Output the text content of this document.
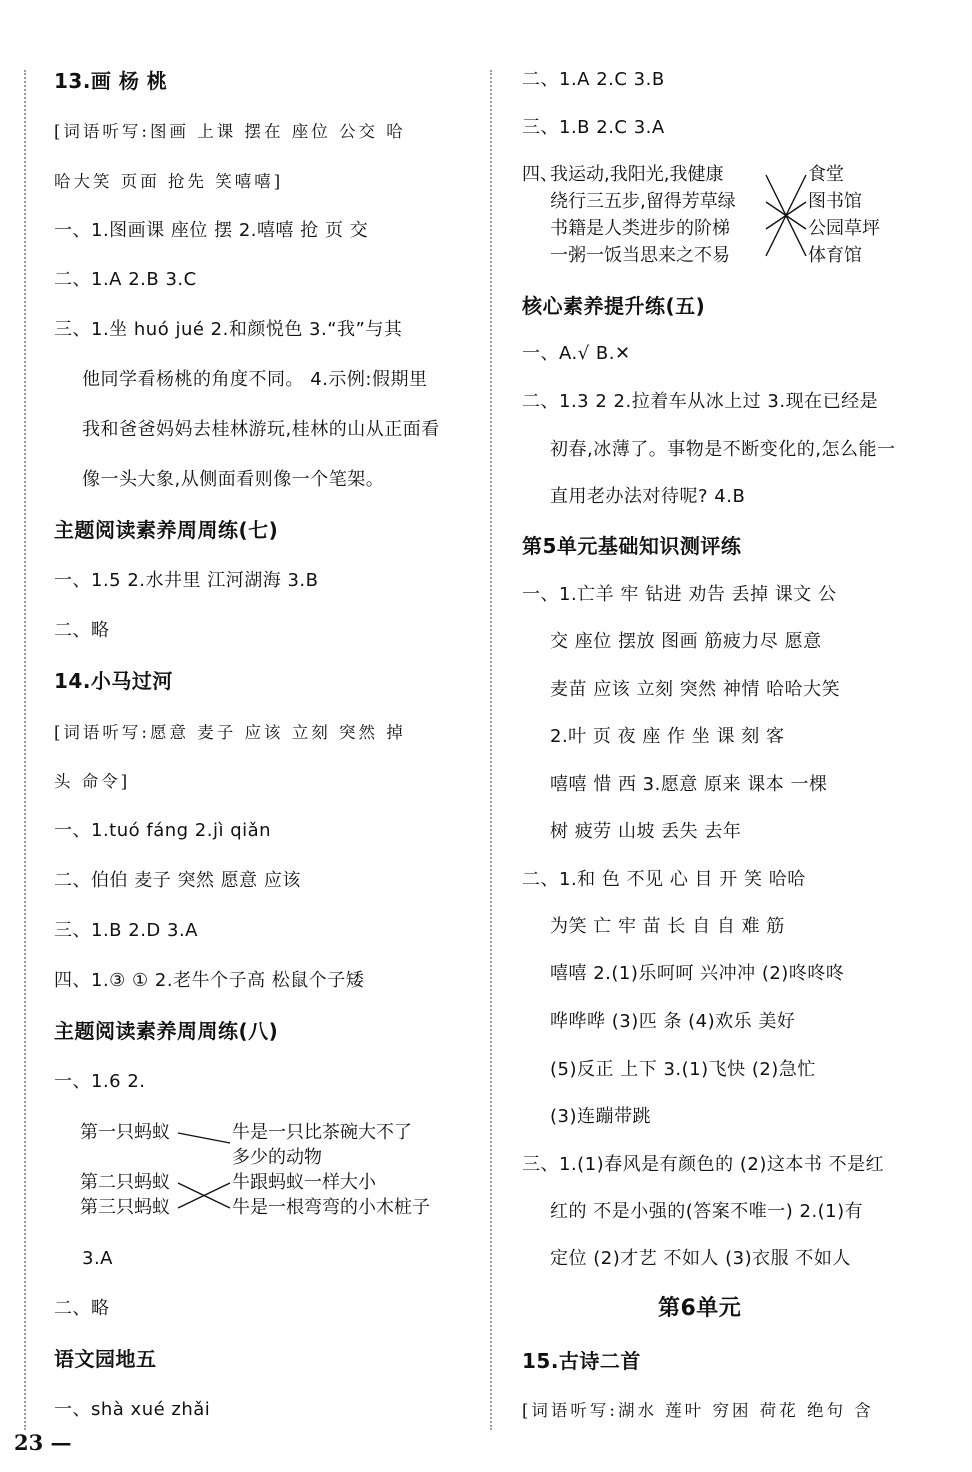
13.画 杨 桃
[词语听写:图画 上课 摆在 座位 公交 哈
哈大笑 页面 抢先 笑嘻嘻]
一、1.图画课 座位 摆 2.嘻嘻 抢 页 交
二、1.A 2.B 3.C
三、1.坐 huó jué 2.和颜悦色 3.“我”与其
他同学看杨桃的角度不同。 4.示例:假期里
我和爸爸妈妈去桂林游玩,桂林的山从正面看
像一头大象,从侧面看则像一个笔架。
主题阅读素养周周练(七)
一、1.5 2.水井里 江河湖海 3.B
二、略
14.小马过河
[词语听写:愿意 麦子 应该 立刻 突然 掉
头 命令]
一、1.tuó fáng 2.jì qiǎn
二、伯伯 麦子 突然 愿意 应该
三、1.B 2.D 3.A
四、1.③ ① 2.老牛个子高 松鼠个子矮
主题阅读素养周周练(八)
一、1.6 2.
第一只蚂蚁
第二只蚂蚁
第三只蚂蚁
牛是一只比茶碗大不了
多少的动物
牛跟蚂蚁一样大小
牛是一根弯弯的小木桩子
3.A
二、略
语文园地五
一、shà xué zhǎi
二、1.A 2.C 3.B
三、1.B 2.C 3.A
四、
我运动,我阳光,我健康
绕行三五步,留得芳草绿
书籍是人类进步的阶梯
一粥一饭当思来之不易
食堂
图书馆
公园草坪
体育馆
核心素养提升练(五)
一、A.√ B.✕
二、1.3 2 2.拉着车从冰上过 3.现在已经是
初春,冰薄了。事物是不断变化的,怎么能一
直用老办法对待呢? 4.B
第5单元基础知识测评练
一、1.亡羊 牢 钻进 劝告 丢掉 课文 公
交 座位 摆放 图画 筋疲力尽 愿意
麦苗 应该 立刻 突然 神情 哈哈大笑
2.叶 页 夜 座 作 坐 课 刻 客
嘻嘻 惜 西 3.愿意 原来 课本 一棵
树 疲劳 山坡 丢失 去年
二、1.和 色 不见 心 目 开 笑 哈哈
为笑 亡 牢 苗 长 自 自 难 筋
嘻嘻 2.(1)乐呵呵 兴冲冲 (2)咚咚咚
哗哗哗 (3)匹 条 (4)欢乐 美好
(5)反正 上下 3.(1)飞快 (2)急忙
(3)连蹦带跳
三、1.(1)春风是有颜色的 (2)这本书 不是红
红的 不是小强的(答案不唯一) 2.(1)有
定位 (2)才艺 不如人 (3)衣服 不如人
第6单元
15.古诗二首
[词语听写:湖水 莲叶 穷困 荷花 绝句 含
23 —
